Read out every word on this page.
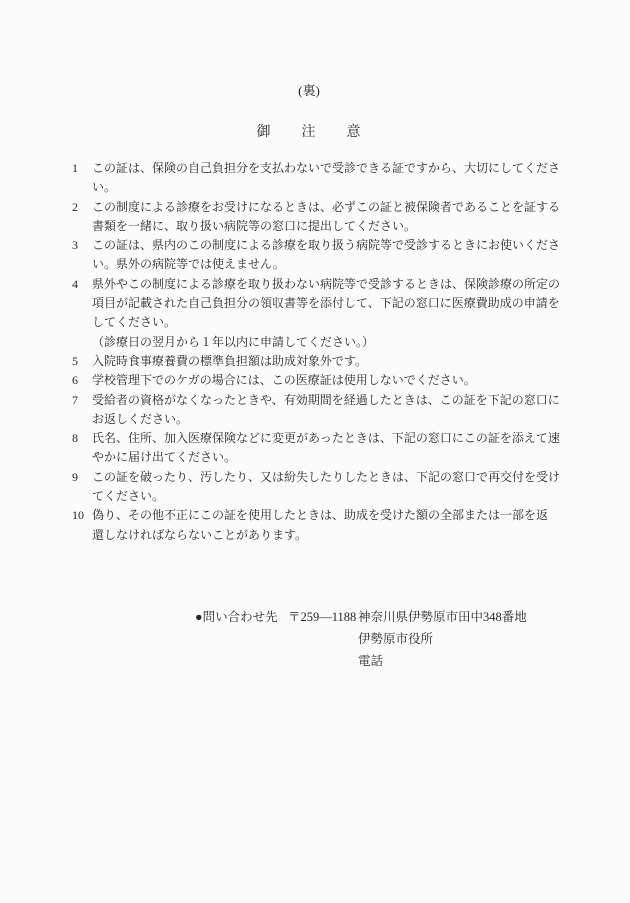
(裏)
御　　注　　意
1	この証は、保険の自己負担分を支払わないで受診できる証ですから、大切にしてくださ
い。
2	この制度による診療をお受けになるときは、必ずこの証と被保険者であることを証する
書類を一緒に、取り扱い病院等の窓口に提出してください。
3	この証は、県内のこの制度による診療を取り扱う病院等で受診するときにお使いくださ
い。県外の病院等では使えません。
4	県外やこの制度による診療を取り扱わない病院等で受診するときは、保険診療の所定の
項目が記載された自己負担分の領収書等を添付して、下記の窓口に医療費助成の申請を
してください。
（診療日の翌月から１年以内に申請してください。）
5	入院時食事療養費の標準負担額は助成対象外です。
6	学校管理下でのケガの場合には、この医療証は使用しないでください。
7	受給者の資格がなくなったときや、有効期間を経過したときは、この証を下記の窓口に
お返しください。
8	氏名、住所、加入医療保険などに変更があったときは、下記の窓口にこの証を添えて速
やかに届け出てください。
9	この証を破ったり、汚したり、又は紛失したりしたときは、下記の窓口で再交付を受け
てください。
10 偽り、その他不正にこの証を使用したときは、助成を受けた額の全部または一部を返
還しなければならないことがあります。
●問い合わせ先 〒259—1188 神奈川県伊勢原市田中348番地
伊勢原市役所
電話
